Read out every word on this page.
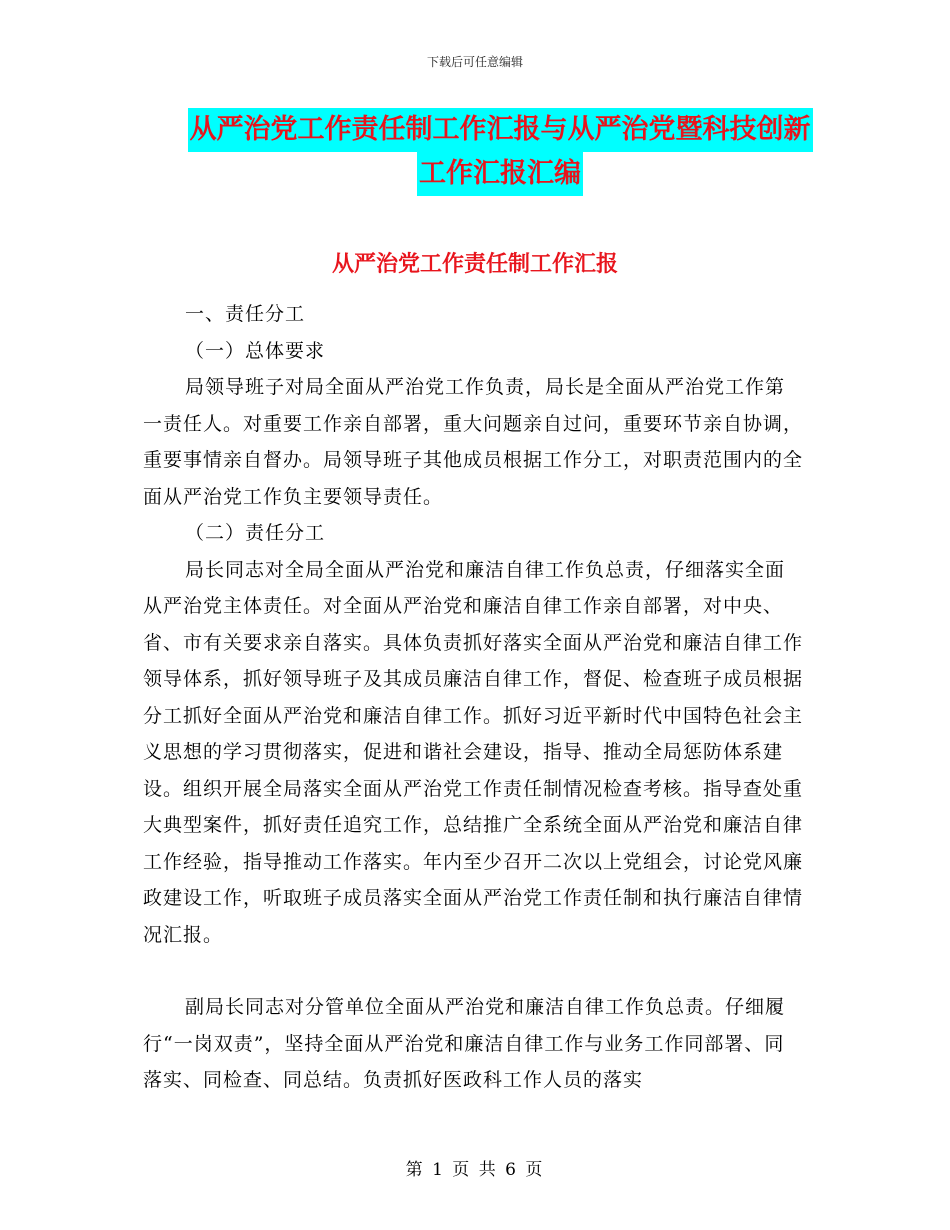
下载后可任意编辑
从严治党工作责任制工作汇报与从严治党暨科技创新
工作汇报汇编
从严治党工作责任制工作汇报

一、责任分工

（一）总体要求

局领导班子对局全面从严治党工作负责，局长是全面从严治党工作第一责任人。对重要工作亲自部署，重大问题亲自过问，重要环节亲自协调，重要事情亲自督办。局领导班子其他成员根据工作分工，对职责范围内的全面从严治党工作负主要领导责任。

（二）责任分工

局长同志对全局全面从严治党和廉洁自律工作负总责，仔细落实全面从严治党主体责任。对全面从严治党和廉洁自律工作亲自部署，对中央、省、市有关要求亲自落实。具体负责抓好落实全面从严治党和廉洁自律工作领导体系，抓好领导班子及其成员廉洁自律工作，督促、检查班子成员根据分工抓好全面从严治党和廉洁自律工作。抓好习近平新时代中国特色社会主义思想的学习贯彻落实，促进和谐社会建设，指导、推动全局惩防体系建设。组织开展全局落实全面从严治党工作责任制情况检查考核。指导查处重大典型案件，抓好责任追究工作，总结推广全系统全面从严治党和廉洁自律工作经验，指导推动工作落实。年内至少召开二次以上党组会，讨论党风廉政建设工作，听取班子成员落实全面从严治党工作责任制和执行廉洁自律情况汇报。

副局长同志对分管单位全面从严治党和廉洁自律工作负总责。仔细履行“一岗双责”，坚持全面从严治党和廉洁自律工作与业务工作同部署、同落实、同检查、同总结。负责抓好医政科工作人员的落实

第 1 页 共 6 页
